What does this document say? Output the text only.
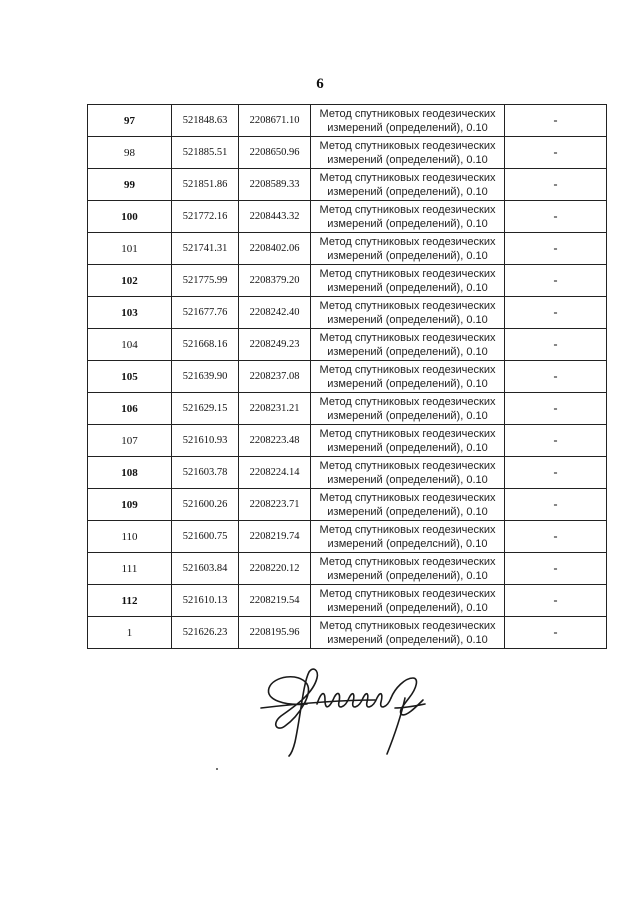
6
97	521848.63	2208671.10	Метод спутниковых геодезических
измерений (определений), 0.10	-
98	521885.51	2208650.96	Метод спутниковых геодезических
измерений (определений), 0.10	-
99	521851.86	2208589.33	Метод спутниковых геодезических
измерений (определений), 0.10	-
100	521772.16	2208443.32	Метод спутниковых геодезических
измерений (определений), 0.10	-
101	521741.31	2208402.06	Метод спутниковых геодезических
измерений (определений), 0.10	-
102	521775.99	2208379.20	Метод спутниковых геодезических
измерений (определений), 0.10	-
103	521677.76	2208242.40	Метод спутниковых геодезических
измерений (определений), 0.10	-
104	521668.16	2208249.23	Метод спутниковых геодезических
измерений (определений), 0.10	-
105	521639.90	2208237.08	Метод спутниковых геодезических
измерений (определений), 0.10	-
106	521629.15	2208231.21	Метод спутниковых геодезических
измерений (определений), 0.10	-
107	521610.93	2208223.48	Метод спутниковых геодезических
измерений (определений), 0.10	-
108	521603.78	2208224.14	Метод спутниковых геодезических
измерений (определений), 0.10	-
109	521600.26	2208223.71	Метод спутниковых геодезических
измерений (определений), 0.10	-
110	521600.75	2208219.74	Метод спутниковых геодезических
измерений (определсний), 0.10	-
111	521603.84	2208220.12	Метод спутниковых геодезических
измерений (определений), 0.10	-
112	521610.13	2208219.54	Метод спутниковых геодезических
измерений (определений), 0.10	-
1	521626.23	2208195.96	Метод спутниковых геодезических
измерений (определений), 0.10	-
